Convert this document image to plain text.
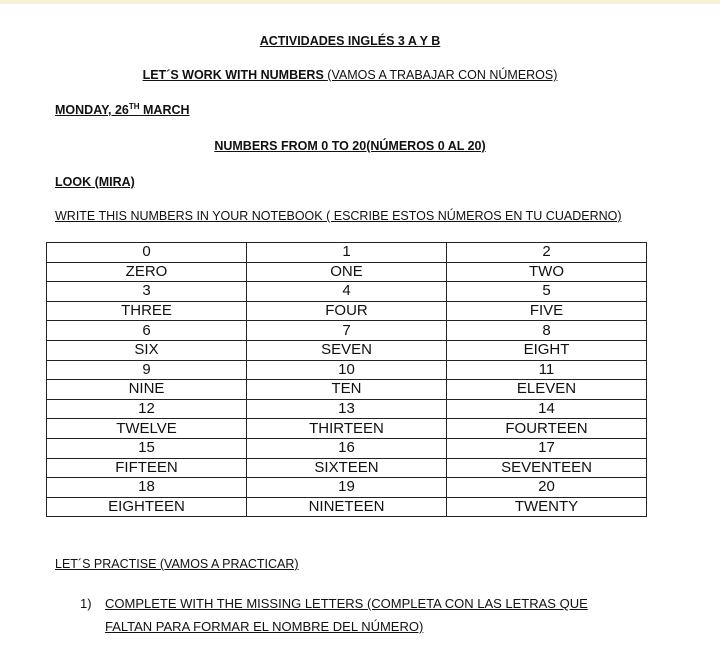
ACTIVIDADES INGLÉS 3 A Y B
LET´S WORK WITH NUMBERS (VAMOS A TRABAJAR CON NÚMEROS)
MONDAY, 26TH MARCH
NUMBERS FROM 0 TO 20(NÚMEROS 0 AL 20)
LOOK (MIRA)
WRITE THIS NUMBERS IN YOUR NOTEBOOK ( ESCRIBE ESTOS NÚMEROS EN TU CUADERNO)
0	1	2
ZERO	ONE	TWO
3	4	5
THREE	FOUR	FIVE
6	7	8
SIX	SEVEN	EIGHT
9	10	11
NINE	TEN	ELEVEN
12	13	14
TWELVE	THIRTEEN	FOURTEEN
15	16	17
FIFTEEN	SIXTEEN	SEVENTEEN
18	19	20
EIGHTEEN	NINETEEN	TWENTY
LET´S PRACTISE (VAMOS A PRACTICAR)
1) COMPLETE WITH THE MISSING LETTERS (COMPLETA CON LAS LETRAS QUE
FALTAN PARA FORMAR EL NOMBRE DEL NÚMERO)
